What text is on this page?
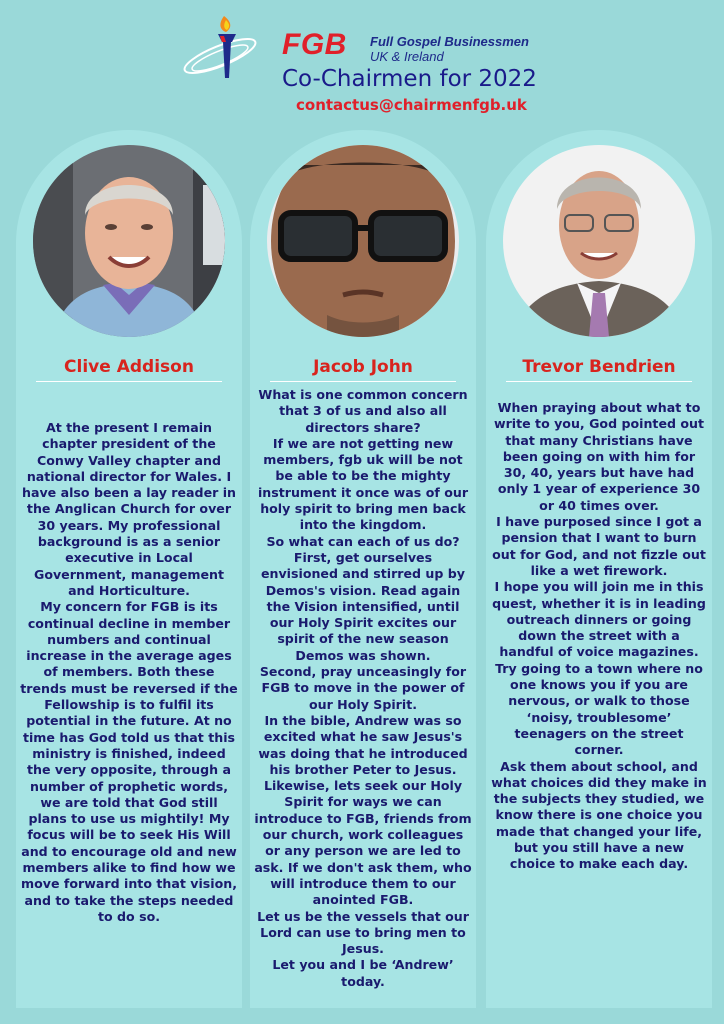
FGB Full Gospel Businessmen
UK & Ireland
Co-Chairmen for 2022
contactus@chairmenfgb.uk
Clive Addison
At the present I remain chapter president of the Conwy Valley chapter and national director for Wales. I have also been a lay reader in the Anglican Church for over 30 years. My professional background is as a senior executive in Local Government, management and Horticulture.
My concern for FGB is its continual decline in member numbers and continual increase in the average ages of members. Both these trends must be reversed if the Fellowship is to fulfil its potential in the future. At no time has God told us that this ministry is finished, indeed the very opposite, through a number of prophetic words, we are told that God still plans to use us mightily! My focus will be to seek His Will and to encourage old and new members alike to find how we move forward into that vision, and to take the steps needed to do so.
Jacob John
What is one common concern that 3 of us and also all directors share?
If we are not getting new members, fgb uk will be not be able to be the mighty instrument it once was of our holy spirit to bring men back into the kingdom.
So what can each of us do?
First, get ourselves envisioned and stirred up by Demos's vision. Read again the Vision intensified, until our Holy Spirit excites our spirit of the new season Demos was shown.
Second, pray unceasingly for FGB to move in the power of our Holy Spirit.
In the bible, Andrew was so excited what he saw Jesus's was doing that he introduced his brother Peter to Jesus.
Likewise, lets seek our Holy Spirit for ways we can introduce to FGB, friends from our church, work colleagues or any person we are led to ask. If we don't ask them, who will introduce them to our anointed FGB.
Let us be the vessels that our Lord can use to bring men to Jesus.
Let you and I be ‘Andrew’ today.
Trevor Bendrien
When praying about what to write to you, God pointed out that many Christians have been going on with him for 30, 40, years but have had only 1 year of experience 30 or 40 times over.
I have purposed since I got a pension that I want to burn out for God, and not fizzle out like a wet firework.
I hope you will join me in this quest, whether it is in leading outreach dinners or going down the street with a handful of voice magazines. Try going to a town where no one knows you if you are nervous, or walk to those ‘noisy, troublesome’ teenagers on the street corner.
Ask them about school, and what choices did they make in the subjects they studied, we know there is one choice you made that changed your life, but you still have a new choice to make each day.
